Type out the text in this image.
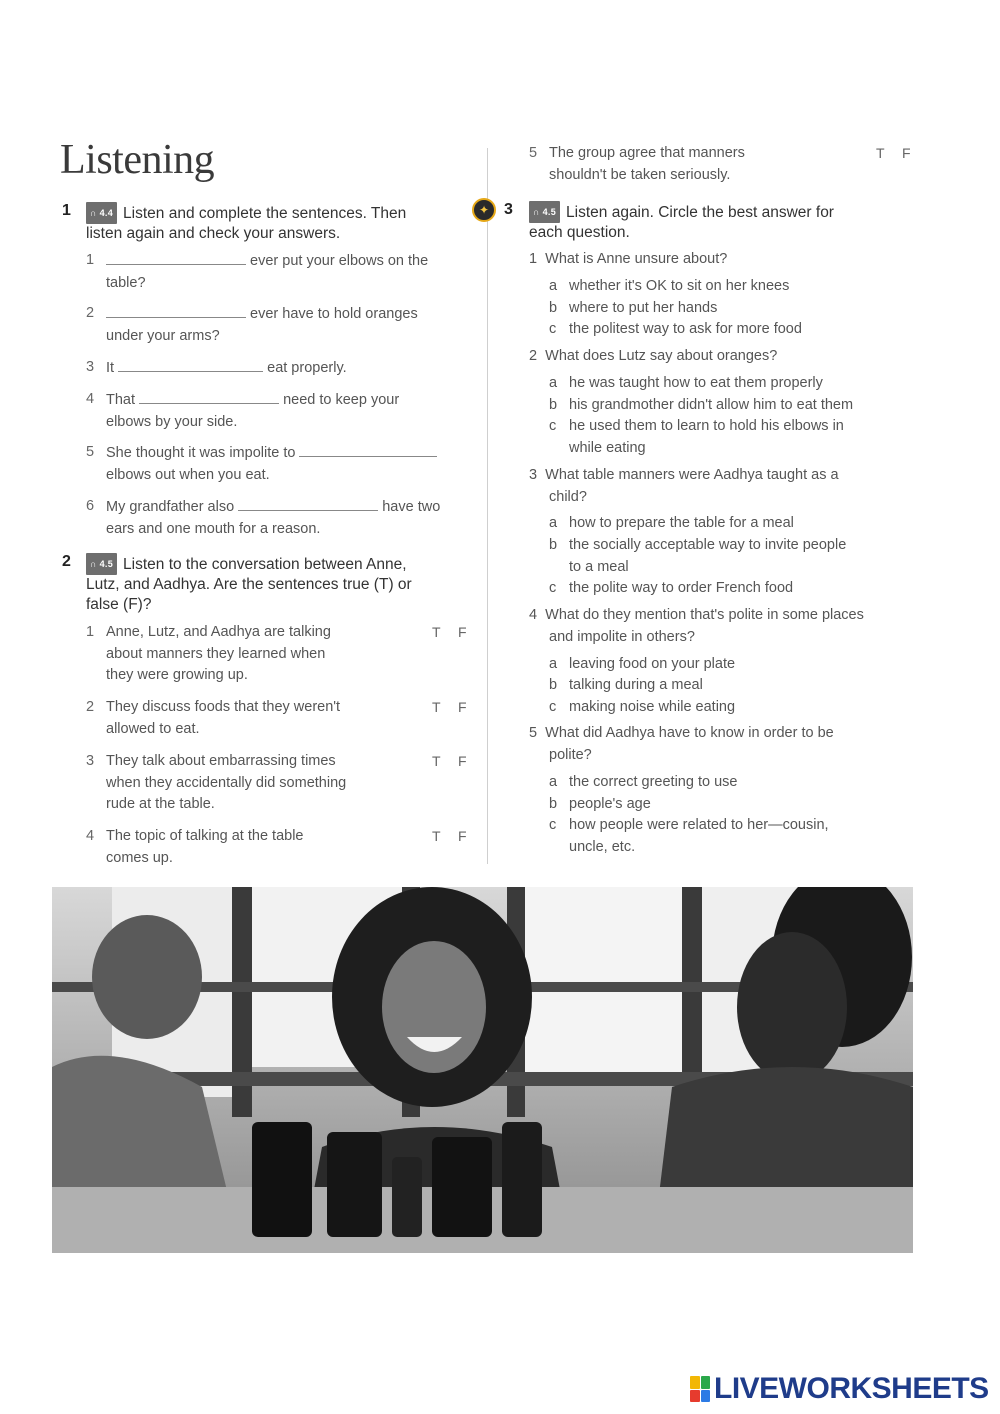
Listening
1	∩ 4.4 Listen and complete the sentences. Then
listen again and check your answers.
1	ever put your elbows on the
table?
2	ever have to hold oranges
under your arms?
3 It	eat properly.
4 That	need to keep your
elbows by your side.
5 She thought it was impolite to
elbows out when you eat.
6 My grandfather also	have two
ears and one mouth for a reason.
2	∩ 4.5 Listen to the conversation between Anne,
Lutz, and Aadhya. Are the sentences true (T) or
false (F)?
1 Anne, Lutz, and Aadhya are talking
about manners they learned when
they were growing up.
T F
2 They discuss foods that they weren't
allowed to eat.
T F
3 They talk about embarrassing times
when they accidentally did something
rude at the table.
T F
4 The topic of talking at the table
comes up.
T F
5 The group agree that manners
shouldn't be taken seriously.
T F
✦ 3	∩ 4.5 Listen again. Circle the best answer for
each question.
1 What is Anne unsure about?
a whether it's OK to sit on her knees
b where to put her hands
c the politest way to ask for more food
2 What does Lutz say about oranges?
a he was taught how to eat them properly
b his grandmother didn't allow him to eat them
c he used them to learn to hold his elbows in
while eating
3 What table manners were Aadhya taught as a
child?
a how to prepare the table for a meal
b the socially acceptable way to invite people
to a meal
c the polite way to order French food
4 What do they mention that's polite in some places
and impolite in others?
a leaving food on your plate
b talking during a meal
c making noise while eating
5 What did Aadhya have to know in order to be
polite?
a the correct greeting to use
b people's age
c how people were related to her—cousin,
uncle, etc.
LIVEWORKSHEETS
